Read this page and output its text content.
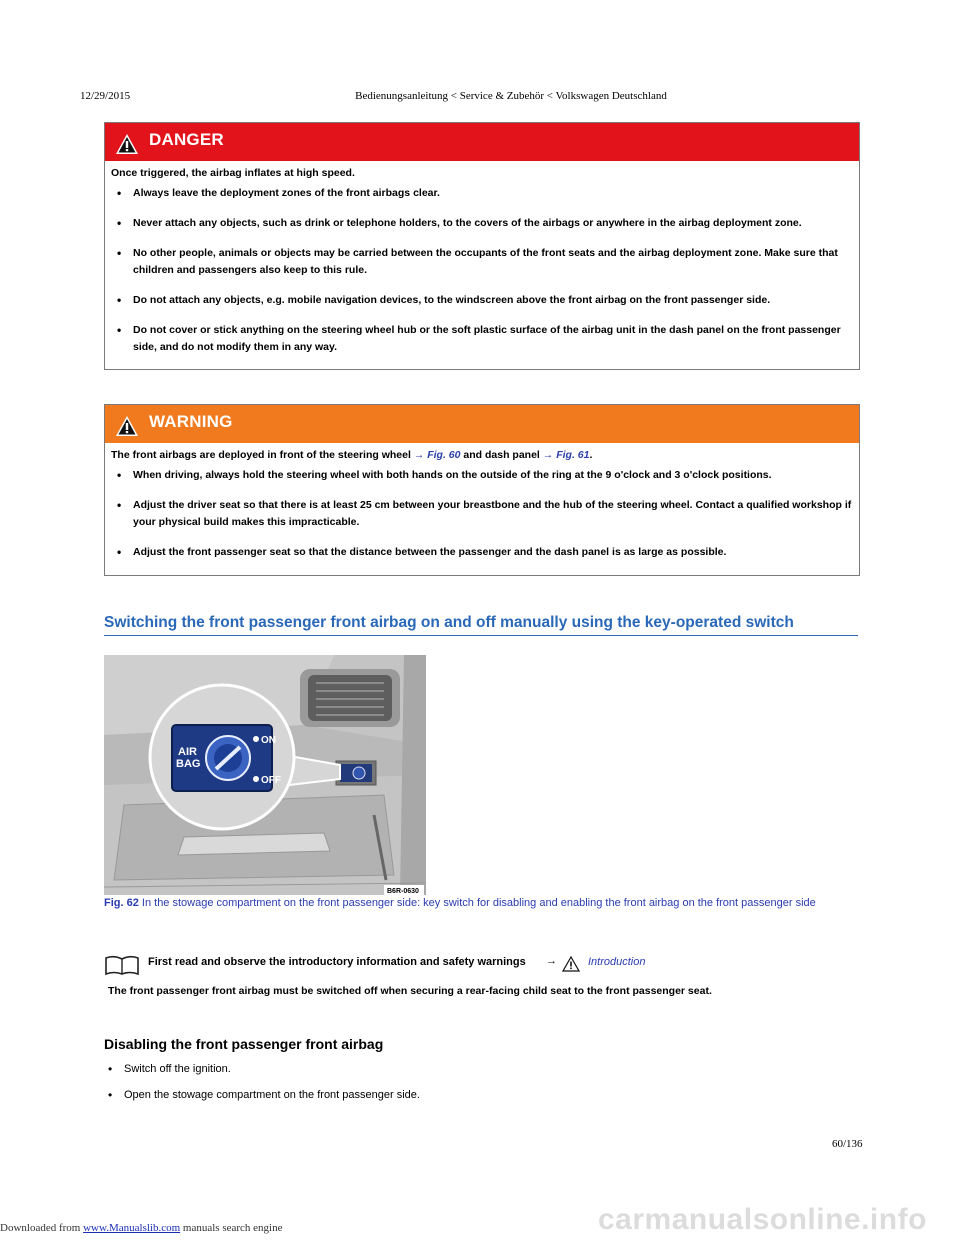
12/29/2015	Bedienungsanleitung < Service & Zubehör < Volkswagen Deutschland
DANGER

Once triggered, the airbag inflates at high speed.

• Always leave the deployment zones of the front airbags clear.
• Never attach any objects, such as drink or telephone holders, to the covers of the airbags or anywhere in the airbag deployment zone.
• No other people, animals or objects may be carried between the occupants of the front seats and the airbag deployment zone. Make sure that children and passengers also keep to this rule.
• Do not attach any objects, e.g. mobile navigation devices, to the windscreen above the front airbag on the front passenger side.
• Do not cover or stick anything on the steering wheel hub or the soft plastic surface of the airbag unit in the dash panel on the front passenger side, and do not modify them in any way.
WARNING

The front airbags are deployed in front of the steering wheel → Fig. 60 and dash panel → Fig. 61.

• When driving, always hold the steering wheel with both hands on the outside of the ring at the 9 o'clock and 3 o'clock positions.
• Adjust the driver seat so that there is at least 25 cm between your breastbone and the hub of the steering wheel. Contact a qualified workshop if your physical build makes this impracticable.
• Adjust the front passenger seat so that the distance between the passenger and the dash panel is as large as possible.
Switching the front passenger front airbag on and off manually using the key-operated switch
AIR
BAG
ON
OFF
B6R-0630
Fig. 62 In the stowage compartment on the front passenger side: key switch for disabling and enabling the front airbag on the front passenger side
First read and observe the introductory information and safety warnings →	Introduction
The front passenger front airbag must be switched off when securing a rear-facing child seat to the front passenger seat.
Disabling the front passenger front airbag
• Switch off the ignition.
• Open the stowage compartment on the front passenger side.
60/136
carmanualsonline.info
Downloaded from www.Manualslib.com manuals search engine
